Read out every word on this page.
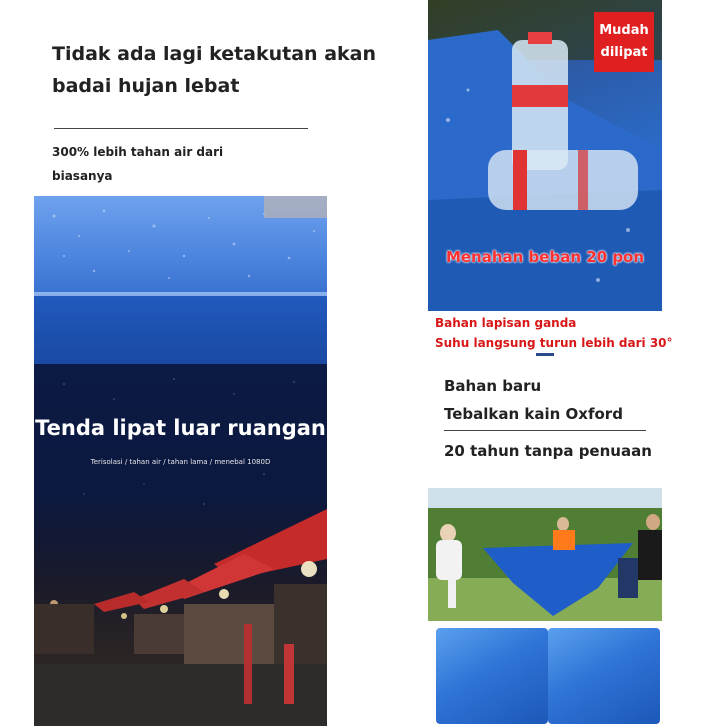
Tidak ada lagi ketakutan akan
badai hujan lebat
300% lebih tahan air dari
biasanya
Tenda lipat luar ruangan
Terisolasi / tahan air / tahan lama / menebal 1080D
Mudah
dilipat
Menahan beban 20 pon
Bahan lapisan ganda
Suhu langsung turun lebih dari 30°
Bahan baru
Tebalkan kain Oxford
20 tahun tanpa penuaan
